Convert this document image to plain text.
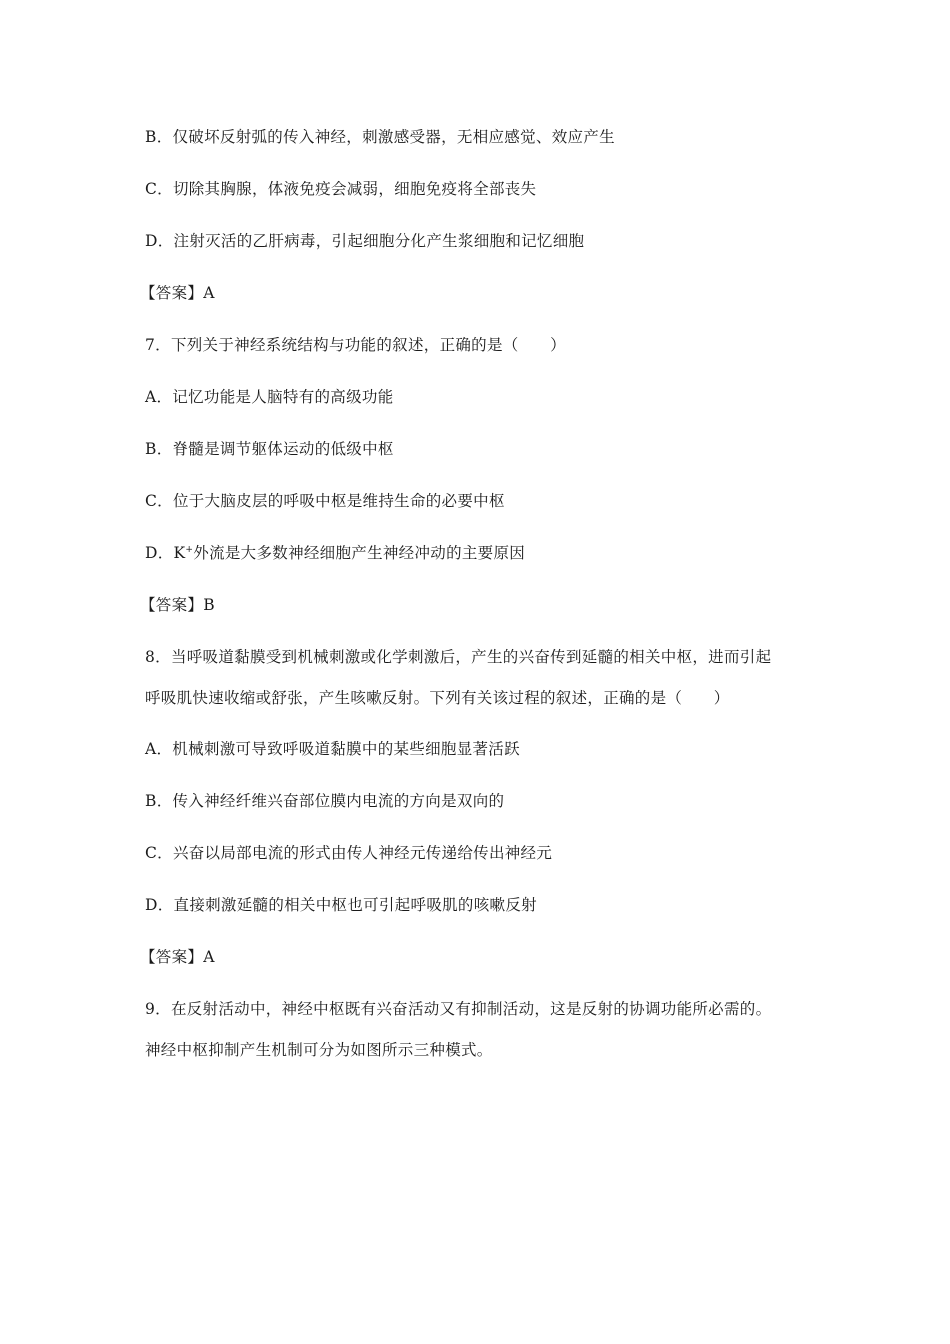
B．仅破坏反射弧的传入神经，刺激感受器，无相应感觉、效应产生
C．切除其胸腺，体液免疫会减弱，细胞免疫将全部丧失
D．注射灭活的乙肝病毒，引起细胞分化产生浆细胞和记忆细胞
【答案】A
7．下列关于神经系统结构与功能的叙述，正确的是（　　）
A．记忆功能是人脑特有的高级功能
B．脊髓是调节躯体运动的低级中枢
C．位于大脑皮层的呼吸中枢是维持生命的必要中枢
D．K+外流是大多数神经细胞产生神经冲动的主要原因
【答案】B
8．当呼吸道黏膜受到机械刺激或化学刺激后，产生的兴奋传到延髓的相关中枢，进而引起
呼吸肌快速收缩或舒张，产生咳嗽反射。下列有关该过程的叙述，正确的是（　　）
A．机械刺激可导致呼吸道黏膜中的某些细胞显著活跃
B．传入神经纤维兴奋部位膜内电流的方向是双向的
C．兴奋以局部电流的形式由传人神经元传递给传出神经元
D．直接刺激延髓的相关中枢也可引起呼吸肌的咳嗽反射
【答案】A
9．在反射活动中，神经中枢既有兴奋活动又有抑制活动，这是反射的协调功能所必需的。
神经中枢抑制产生机制可分为如图所示三种模式。
